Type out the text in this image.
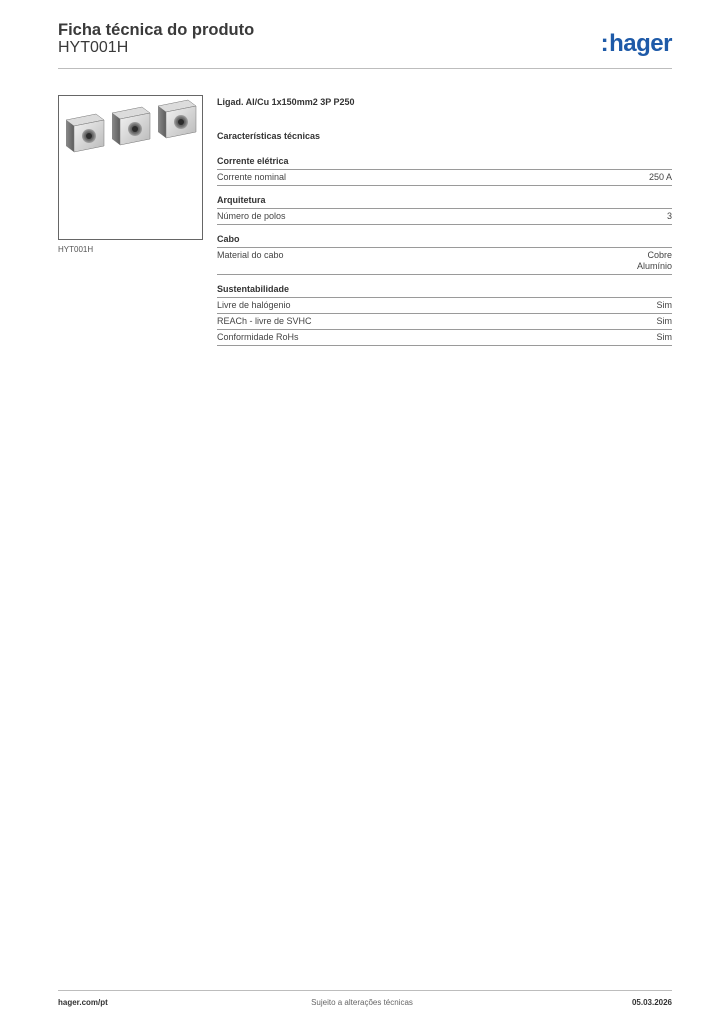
Ficha técnica do produto
HYT001H	:hager
HYT001H
Ligad. Al/Cu 1x150mm2 3P P250
Características técnicas
Corrente elétrica
Corrente nominal	250 A
Arquitetura
Número de polos	3
Cabo
Material do cabo	Cobre
Alumínio
Sustentabilidade
Livre de halógenio	Sim
REACh - livre de SVHC	Sim
Conformidade RoHs	Sim
hager.com/pt	Sujeito a alterações técnicas	05.03.2026
